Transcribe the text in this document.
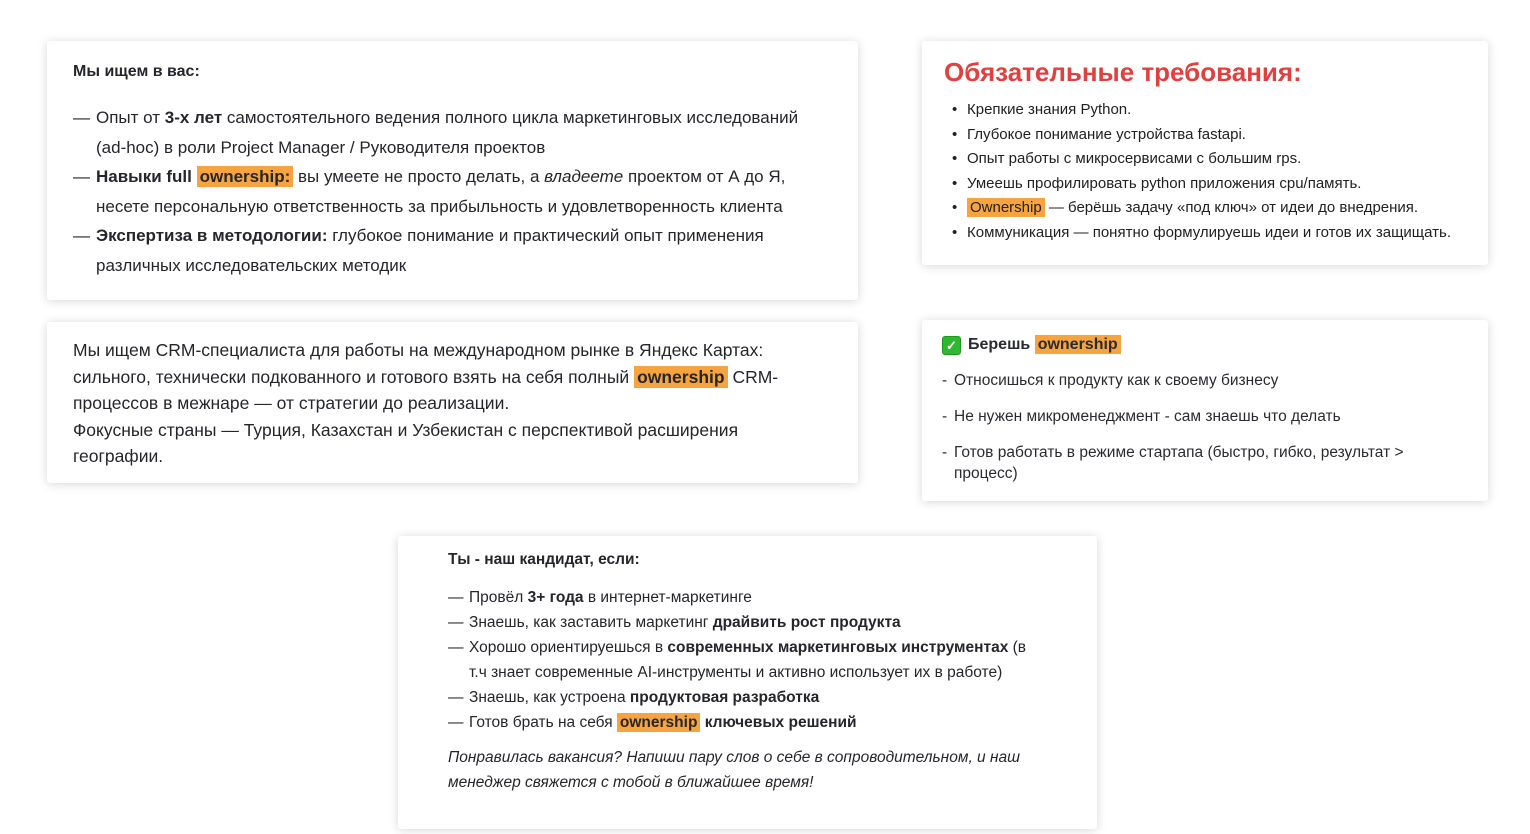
Мы ищем в вас:
— Опыт от 3-х лет самостоятельного ведения полного цикла маркетинговых исследований (ad-hoc) в роли Project Manager / Руководителя проектов
— Навыки full ownership: вы умеете не просто делать, а владеете проектом от А до Я, несете персональную ответственность за прибыльность и удовлетворенность клиента
— Экспертиза в методологии: глубокое понимание и практический опыт применения различных исследовательских методик
Обязательные требования:
• Крепкие знания Python.
• Глубокое понимание устройства fastapi.
• Опыт работы с микросервисами с большим rps.
• Умеешь профилировать python приложения cpu/память.
• Ownership — берёшь задачу «под ключ» от идеи до внедрения.
• Коммуникация — понятно формулируешь идеи и готов их защищать.

Мы ищем CRM-специалиста для работы на международном рынке в Яндекс Картах: сильного, технически подкованного и готового взять на себя полный ownership CRM-процессов в межнаре — от стратегии до реализации.

Фокусные страны — Турция, Казахстан и Узбекистан с перспективой расширения географии.

✓ Берешь ownership
- Относишься к продукту как к своему бизнесу
- Не нужен микроменеджмент - сам знаешь что делать
- Готов работать в режиме стартапа (быстро, гибко, результат > процесс)
Ты - наш кандидат, если:
— Провёл 3+ года в интернет-маркетинге
— Знаешь, как заставить маркетинг драйвить рост продукта
— Хорошо ориентируешься в современных маркетинговых инструментах (в т.ч знает современные AI-инструменты и активно использует их в работе)
— Знаешь, как устроена продуктовая разработка
— Готов брать на себя ownership ключевых решений

Понравилась вакансия? Напиши пару слов о себе в сопроводительном, и наш менеджер свяжется с тобой в ближайшее время!
